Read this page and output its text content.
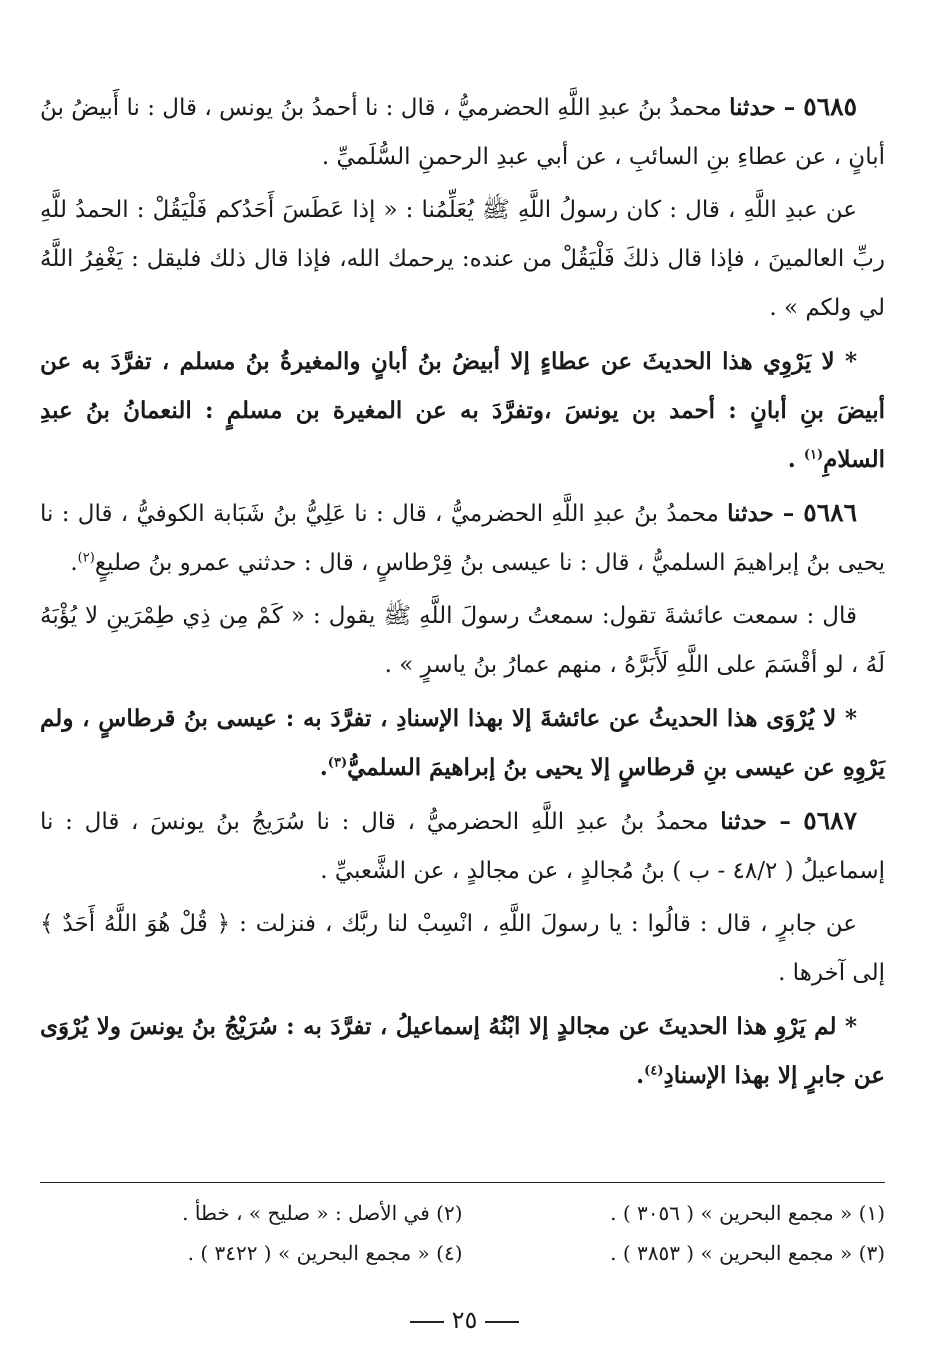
٥٦٨٥ – حدثنا محمدُ بنُ عبدِ اللَّهِ الحضرميُّ ، قال : نا أحمدُ بنُ يونس ، قال : نا أَبيضُ بنُ أبانٍ ، عن عطاءِ بنِ السائبِ ، عن أبي عبدِ الرحمنِ السُّلَميِّ .

عن عبدِ اللَّهِ ، قال : كان رسولُ اللَّهِ ﷺ يُعَلِّمُنا : « إذا عَطَسَ أَحَدُكم فَلْيَقُلْ : الحمدُ للَّهِ ربِّ العالمينَ ، فإذا قال ذلكَ فَلْيَقُلْ من عنده: يرحمك الله، فإذا قال ذلك فليقل : يَغْفِرُ اللَّهُ لي ولكم » .

* لا يَرْوِي هذا الحديثَ عن عطاءٍ إلا أبيضُ بنُ أبانٍ والمغيرةُ بنُ مسلم ، تفرَّدَ به عن أبيضَ بنِ أبانٍ : أحمد بن يونسَ ،وتفرَّدَ به عن المغيرة بن مسلمٍ : النعمانُ بنُ عبدِ السلامِ$^{(١)}$ .

٥٦٨٦ – حدثنا محمدُ بنُ عبدِ اللَّهِ الحضرميُّ ، قال : نا عَلِيُّ بنُ شَبَابة الكوفيُّ ، قال : نا يحيى بنُ إبراهيمَ السلميُّ ، قال : نا عيسى بنُ قِرْطاسٍ ، قال : حدثني عمرو بنُ صليعٍ$^{(٢)}$.

قال : سمعت عائشةَ تقول: سمعتُ رسولَ اللَّهِ ﷺ يقول : « كَمْ مِن ذِي طِمْرَينِ لا يُؤْبَهُ لَهُ ، لو أقْسَمَ على اللَّهِ لَأَبَرَّهُ ، منهم عمارُ بنُ ياسرٍ » .

* لا يُرْوَى هذا الحديثُ عن عائشةَ إلا بهذا الإسنادِ ، تفرَّدَ به : عيسى بنُ قرطاسٍ ، ولم يَرْوِهِ عن عيسى بنِ قرطاسٍ إلا يحيى بنُ إبراهيمَ السلميُّ$^{(٣)}$.

٥٦٨٧ – حدثنا محمدُ بنُ عبدِ اللَّهِ الحضرميُّ ، قال : نا سُرَيجُ بنُ يونسَ ، قال : نا إسماعيلُ ( ٤٨/٢ - ب ) بنُ مُجالدٍ ، عن مجالدٍ ، عن الشَّعبيِّ .

عن جابرٍ ، قال : قالُوا : يا رسولَ اللَّهِ ، انْسِبْ لنا ربَّك ، فنزلت : ﴿ قُلْ هُوَ اللَّهُ أَحَدٌ ﴾ إلى آخرها .

* لم يَرْوِ هذا الحديثَ عن مجالدٍ إلا ابْنُهُ إسماعيلُ ، تفرَّدَ به : سُرَيْجُ بنُ يونسَ ولا يُرْوَى عن جابرٍ إلا بهذا الإسنادِ$^{(٤)}$.

(١) « مجمع البحرين » ( ٣٠٥٦ ) .
(٢) في الأصل : « صليح » ، خطأ .
(٣) « مجمع البحرين » ( ٣٨٥٣ ) .
(٤) « مجمع البحرين » ( ٣٤٢٢ ) .
٢٥
